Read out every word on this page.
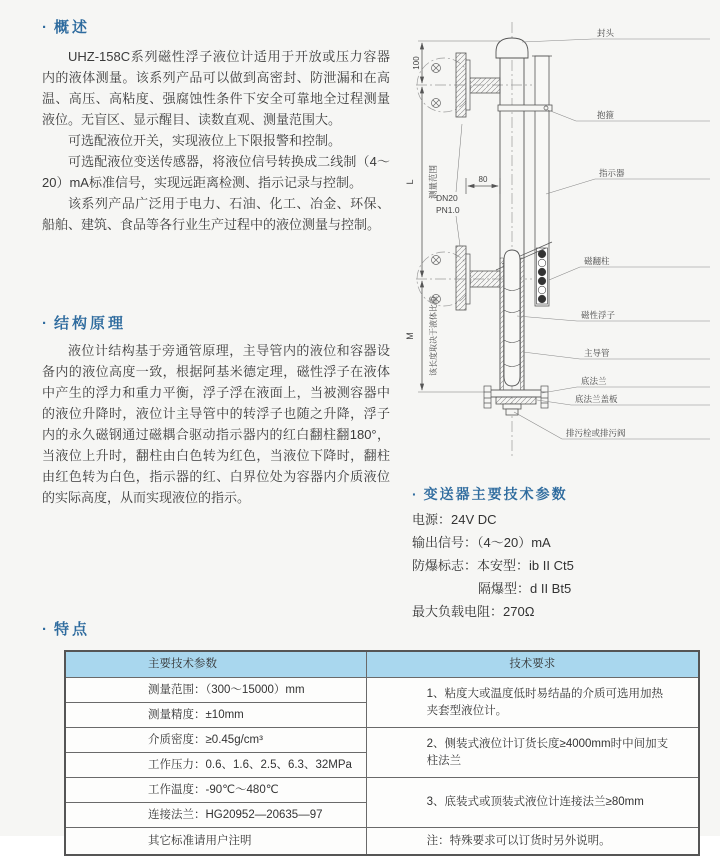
· 概述

UHZ-158C系列磁性浮子液位计适用于开放或压力容器内的液体测量。该系列产品可以做到高密封、防泄漏和在高温、高压、高粘度、强腐蚀性条件下安全可靠地全过程测量液位。无盲区、显示醒目、读数直观、测量范围大。

可选配液位开关，实现液位上下限报警和控制。

可选配液位变送传感器，将液位信号转换成二线制（4～20）mA标准信号，实现远距离检测、指示记录与控制。

该系列产品广泛用于电力、石油、化工、冶金、环保、船舶、建筑、食品等各行业生产过程中的液位测量与控制。

· 结构原理

液位计结构基于旁通管原理，主导管内的液位和容器设备内的液位高度一致，根据阿基米德定理，磁性浮子在液体中产生的浮力和重力平衡，浮子浮在液面上，当被测容器中的液位升降时，液位计主导管中的转浮子也随之升降，浮子内的永久磁钢通过磁耦合驱动指示器内的红白翻柱翻180°，当液位上升时，翻柱由白色转为红色，当液位下降时，翻柱由红色转为白色，指示器的红、白界位处为容器内介质液位的实际高度，从而实现液位的指示。

100
L 测量范围
M 该长度取决于液体比重
80
DN20
PN1.0
封头
抱箍
指示器
磁翻柱
磁性浮子
主导管
底法兰
底法兰盖板
排污栓或排污阀
· 变送器主要技术参数
电源：24V DC
输出信号：（4～20）mA
防爆标志：本安型：ib II Ct5
隔爆型：d II Bt5
最大负载电阻：270Ω
· 特点
主要技术参数	技术要求
测量范围：（300～15000）mm	1、粘度大或温度低时易结晶的介质可选用加热夹套型液位计。
测量精度：±10mm	
介质密度：≥0.45g/cm³	2、侧装式液位计订货长度≥4000mm时中间加支柱法兰
工作压力：0.6、1.6、2.5、6.3、32MPa	
工作温度：-90℃～480℃	3、底装式或顶装式液位计连接法兰≥80mm
连接法兰：HG20952—20635—97	
其它标准请用户注明	注：特殊要求可以订货时另外说明。
